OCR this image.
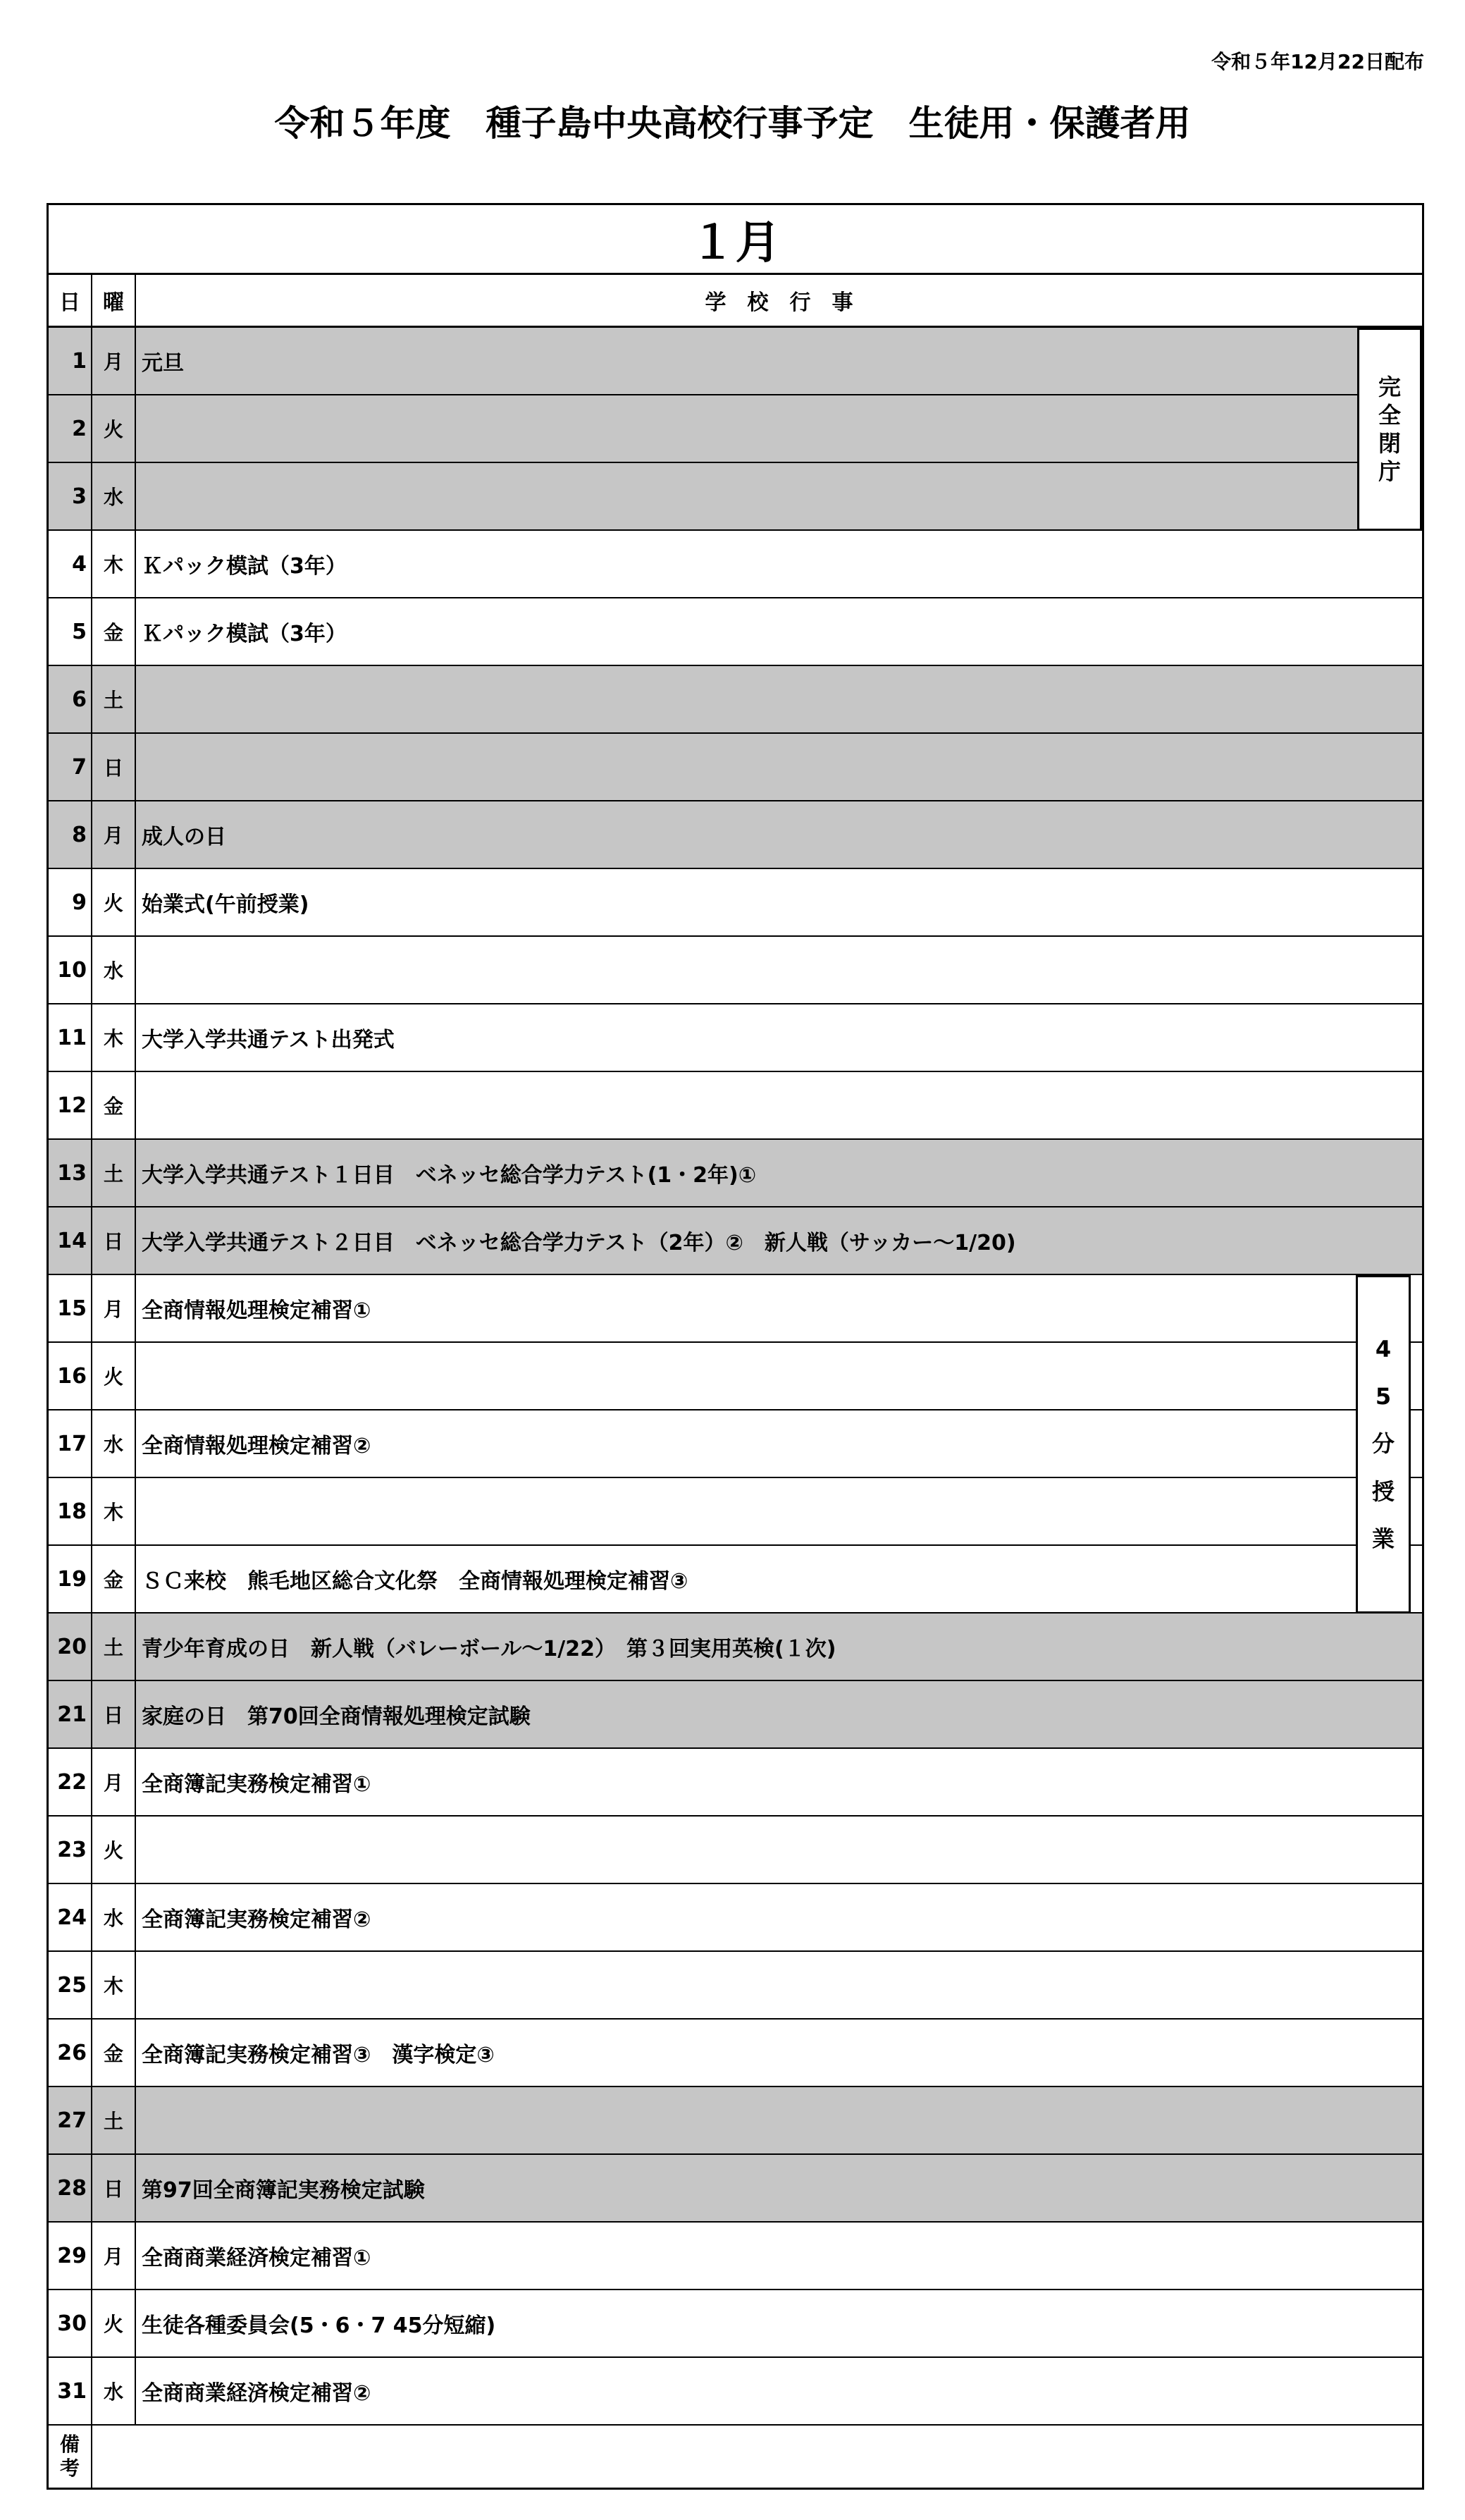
令和５年12月22日配布
令和５年度　種子島中央高校行事予定　生徒用・保護者用
１月
日	曜	学　校　行　事
1 月 元旦
2 火
3 水
4 木 Ｋパック模試（3年）
5 金 Ｋパック模試（3年）
6 土
7 日
8 月 成人の日
9 火 始業式(午前授業)
10 水
11 木 大学入学共通テスト出発式
12 金
13 土 大学入学共通テスト１日目　ベネッセ総合学力テスト(1・2年)①
14 日 大学入学共通テスト２日目　ベネッセ総合学力テスト（2年）②　新人戦（サッカー～1/20)
15 月 全商情報処理検定補習①
16 火
17 水 全商情報処理検定補習②
18 木
19 金 ＳＣ来校　熊毛地区総合文化祭　全商情報処理検定補習③
20 土 青少年育成の日　新人戦（バレーボール～1/22）　第３回実用英検(１次)
21 日 家庭の日　第70回全商情報処理検定試験
22 月 全商簿記実務検定補習①
23 火
24 水 全商簿記実務検定補習②
25 木
26 金 全商簿記実務検定補習③　漢字検定③
27 土
28 日 第97回全商簿記実務検定試験
29 月 全商商業経済検定補習①
30 火 生徒各種委員会(5・6・7 45分短縮)
31 水 全商商業経済検定補習②
完全閉庁
45分授業
備考
